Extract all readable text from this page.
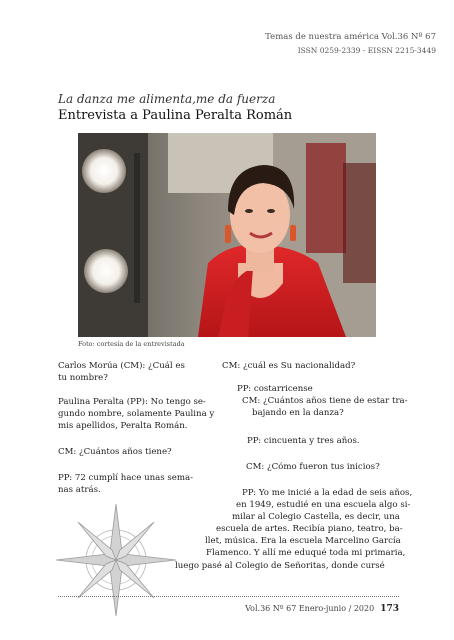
Temas de nuestra américa Vol.36 Nº 67
ISSN 0259-2339 - EISSN 2215-3449
La danza me alimenta,me da fuerza
Entrevista a Paulina Peralta Román
Foto: cortesía de la entrevistada
Carlos Morúa (CM): ¿Cuál es
tu nombre?
Paulina Peralta (PP): No tengo se-
gundo nombre, solamente Paulina y
mis apellidos, Peralta Román.
CM: ¿Cuántos años tiene?
PP: 72 cumplí hace unas sema-
nas atrás.
CM: ¿cuál es Su nacionalidad?
PP: costarricense
CM: ¿Cuántos años tiene de estar tra-
bajando en la danza?
PP: cincuenta y tres años.
CM: ¿Cómo fueron tus inicios?
PP: Yo me inicié a la edad de seis años,
en 1949, estudié en una escuela algo si-
milar al Colegio Castella, es decir, una
escuela de artes. Recibía piano, teatro, ba-
llet, música. Era la escuela Marcelino García
Flamenco. Y allí me eduqué toda mi primaria,
luego pasé al Colegio de Señoritas, donde cursé
Vol.36 Nº 67 Enero-junio / 2020 173
